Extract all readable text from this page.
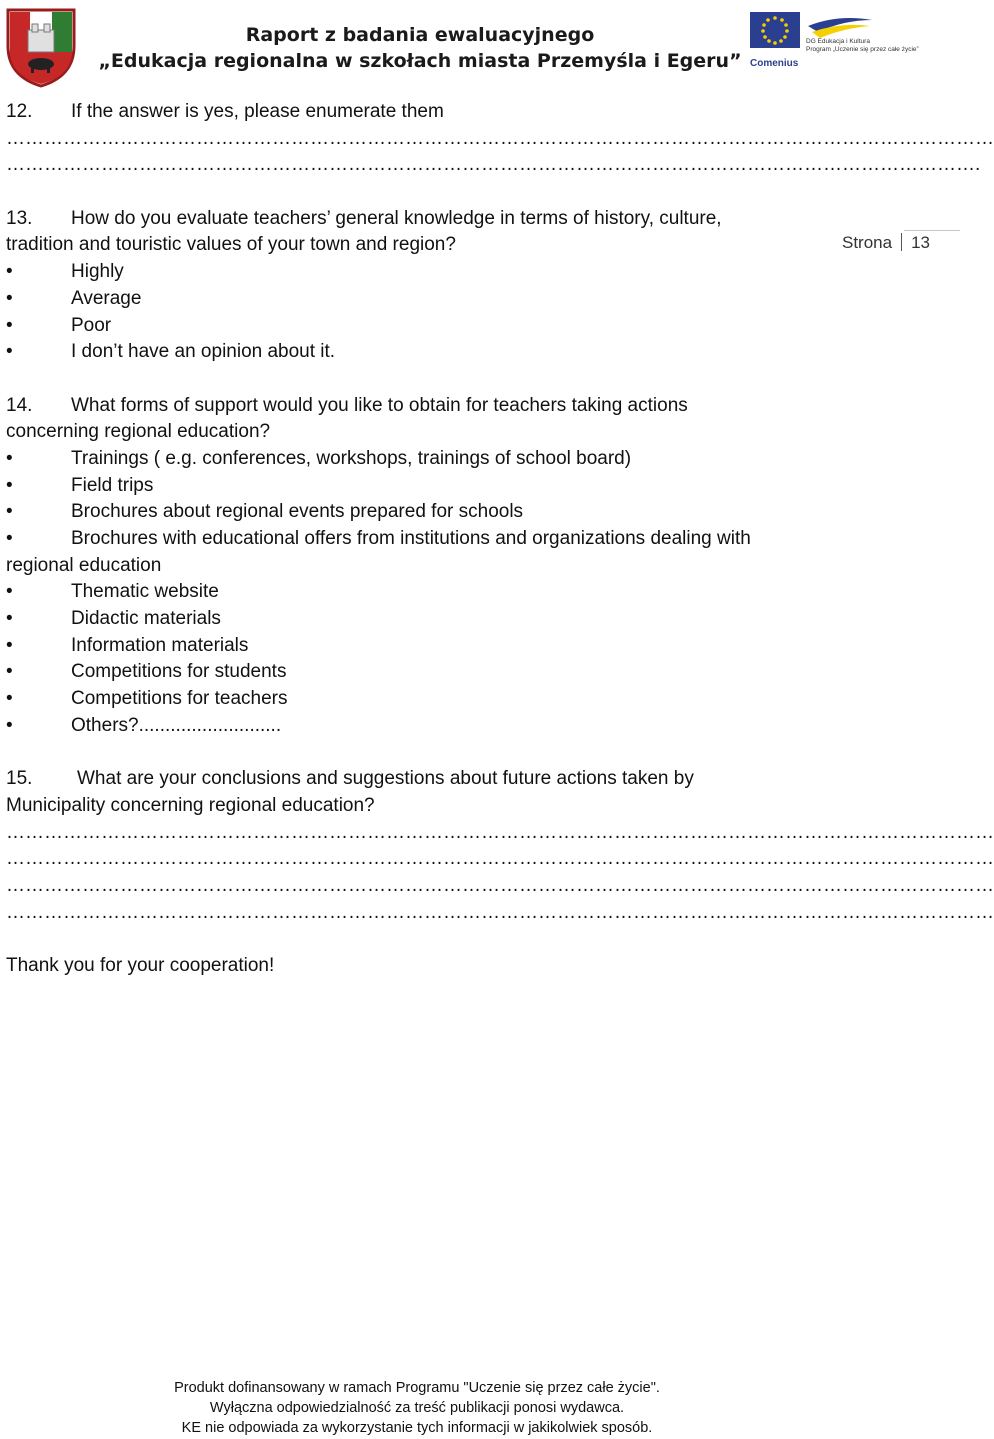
Raport z badania ewaluacyjnego
„Edukacja regionalna w szkołach miasta Przemyśla i Egeru”
DG Edukacja i Kultura
Program „Uczenie się przez całe życie”
Comenius
Strona 13
12. If the answer is yes, please enumerate them
…………………………………………………………………………………………………………………………………………
……………………………………………………………………………………………………………………………………….
13. How do you evaluate teachers’ general knowledge in terms of history, culture,
tradition and touristic values of your town and region?
•	Highly
•	Average
•	Poor
•	I don’t have an opinion about it.
14. What forms of support would you like to obtain for teachers taking actions
concerning regional education?
•	Trainings ( e.g. conferences, workshops, trainings of school board)
•	Field trips
•	Brochures about regional events prepared for schools
•	Brochures with educational offers from institutions and organizations dealing with
regional education
•	Thematic website
•	Didactic materials
•	Information materials
•	Competitions for students
•	Competitions for teachers
•	Others?...........................
15. What are your conclusions and suggestions about future actions taken by
Municipality concerning regional education?
…………………………………………………………………………………………………………………………………………
…………………………………………………………………………………………………………………………………………
…………………………………………………………………………………………………………………………………………
…………………………………………………………………………………………………………………………………………
Thank you for your cooperation!
Produkt dofinansowany w ramach Programu "Uczenie się przez całe życie".
Wyłączna odpowiedzialność za treść publikacji ponosi wydawca.
KE nie odpowiada za wykorzystanie tych informacji w jakikolwiek sposób.
